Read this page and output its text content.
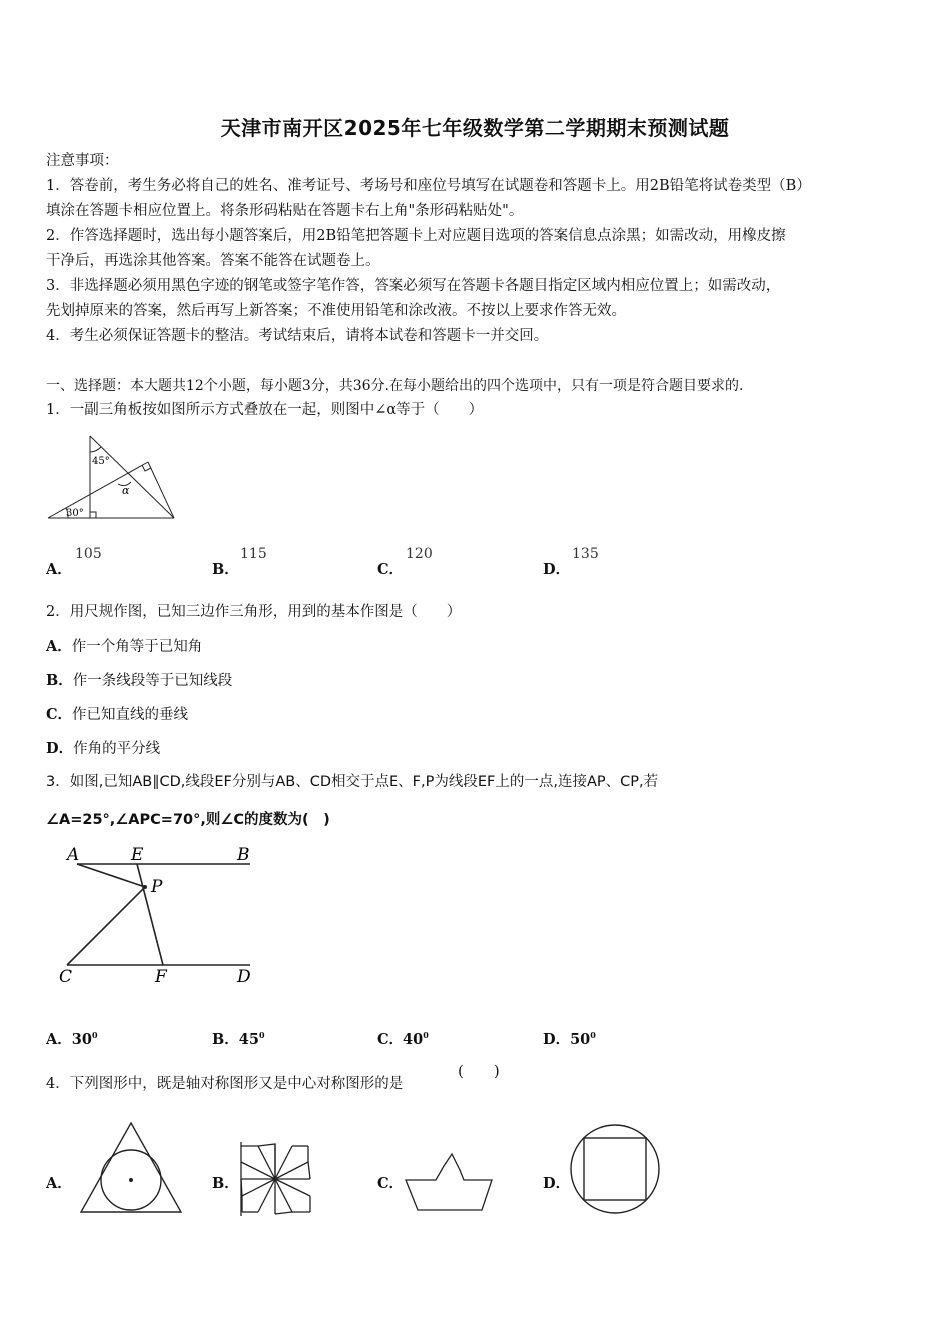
天津市南开区2025年七年级数学第二学期期末预测试题
注意事项：
1．答卷前，考生务必将自己的姓名、准考证号、考场号和座位号填写在试题卷和答题卡上。用2B铅笔将试卷类型（B）
填涂在答题卡相应位置上。将条形码粘贴在答题卡右上角"条形码粘贴处"。
2．作答选择题时，选出每小题答案后，用2B铅笔把答题卡上对应题目选项的答案信息点涂黑；如需改动，用橡皮擦
干净后，再选涂其他答案。答案不能答在试题卷上。
3．非选择题必须用黑色字迹的钢笔或签字笔作答，答案必须写在答题卡各题目指定区域内相应位置上；如需改动，
先划掉原来的答案，然后再写上新答案；不准使用铅笔和涂改液。不按以上要求作答无效。
4．考生必须保证答题卡的整洁。考试结束后，请将本试卷和答题卡一并交回。
一、选择题：本大题共12个小题，每小题3分，共36分.在每小题给出的四个选项中，只有一项是符合题目要求的.
1．一副三角板按如图所示方式叠放在一起，则图中∠α等于（　　）
45°
α
30°
A．
105
B．
115
C．
120
D．
135
2．用尺规作图，已知三边作三角形，用到的基本作图是（　　）
A．作一个角等于已知角
B．作一条线段等于已知线段
C．作已知直线的垂线
D．作角的平分线
3．如图,已知AB∥CD,线段EF分别与AB、CD相交于点E、F,P为线段EF上的一点,连接AP、CP,若
∠A=25°,∠APC=70°,则∠C的度数为(　)
A	E	B
P
C	F	D
A．$30^0$	B．$45^0$	C．$40^0$	D．$50^0$
4．下列图形中，既是轴对称图形又是中心对称图形的是
(　　)
A．	B．	C．	D．
